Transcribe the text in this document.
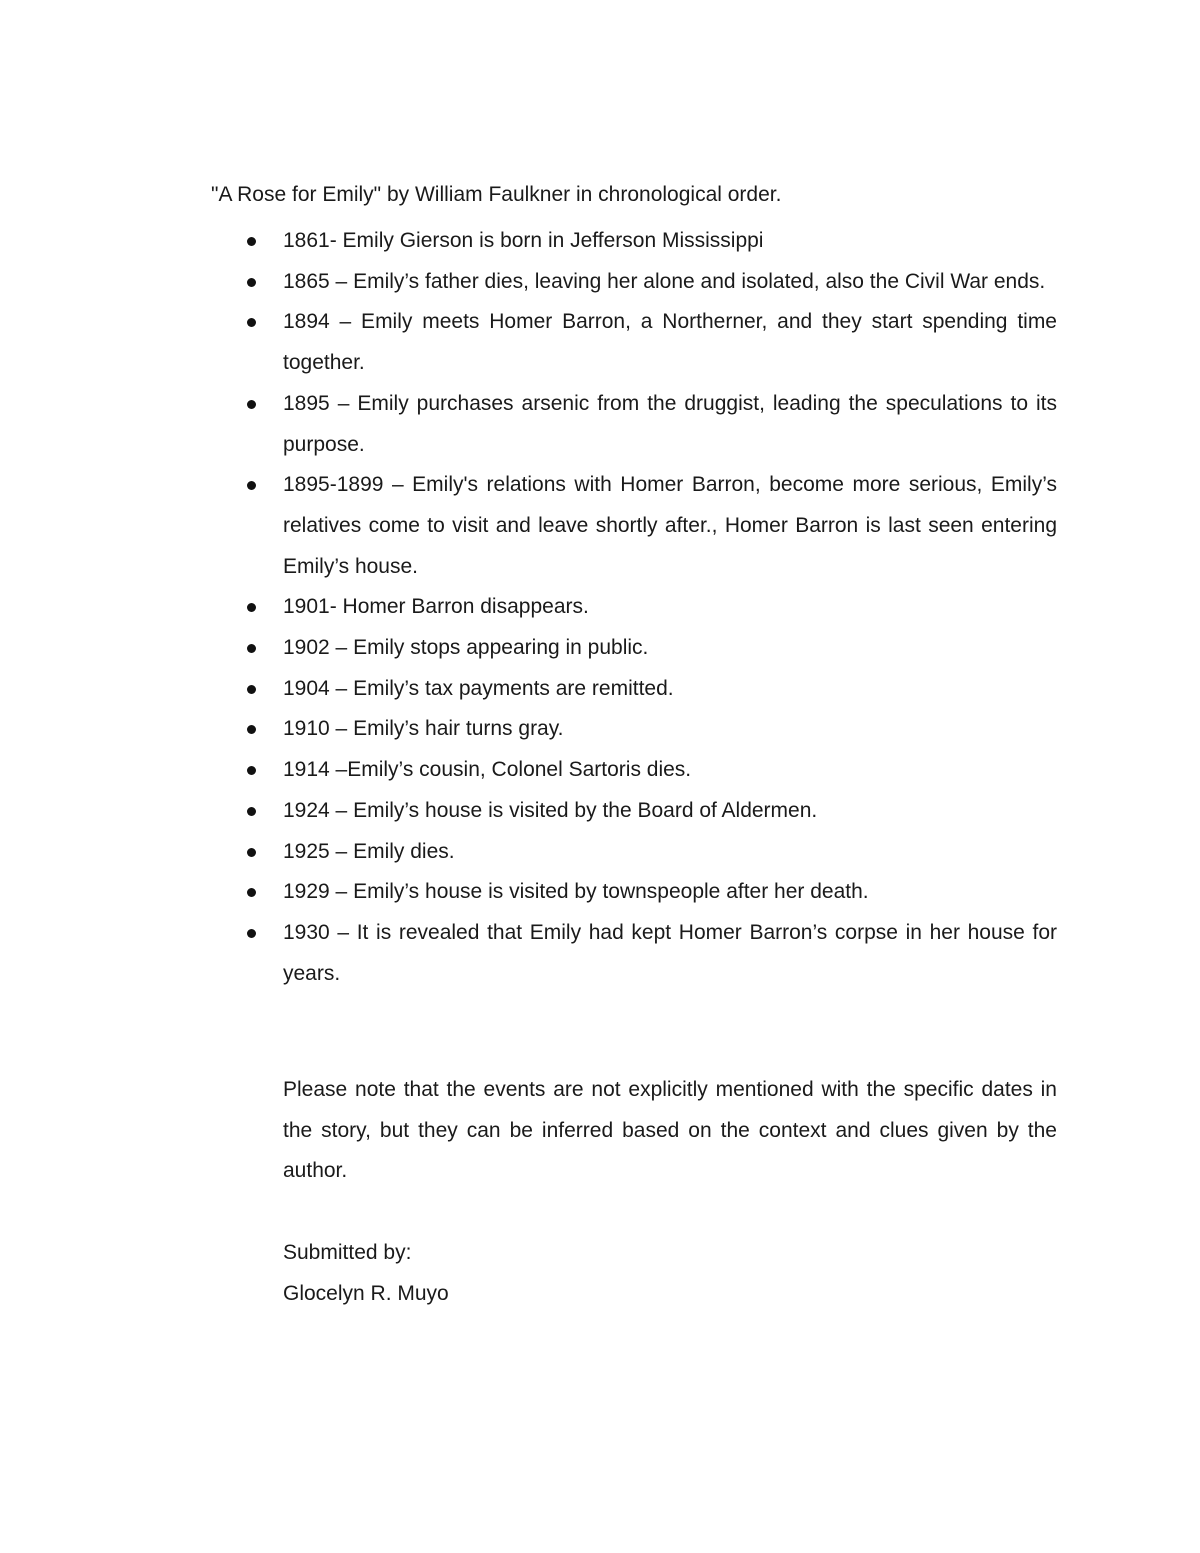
"A Rose for Emily" by William Faulkner in chronological order.
1861- Emily Gierson is born in Jefferson Mississippi
1865 – Emily’s father dies, leaving her alone and isolated, also the Civil War ends.
1894 – Emily meets Homer Barron, a Northerner, and they start spending time together.
1895 – Emily purchases arsenic from the druggist, leading the speculations to its purpose.
1895-1899 – Emily's relations with Homer Barron, become more serious, Emily’s relatives come to visit and leave shortly after., Homer Barron is last seen entering Emily’s house.
1901- Homer Barron disappears.
1902 – Emily stops appearing in public.
1904 – Emily’s tax payments are remitted.
1910 – Emily’s hair turns gray.
1914 –Emily’s cousin, Colonel Sartoris dies.
1924 – Emily’s house is visited by the Board of Aldermen.
1925 – Emily dies.
1929 – Emily’s house is visited by townspeople after her death.
1930 – It is revealed that Emily had kept Homer Barron’s corpse in her house for years.

Please note that the events are not explicitly mentioned with the specific dates in the story, but they can be inferred based on the context and clues given by the author.

Submitted by:

Glocelyn R. Muyo
